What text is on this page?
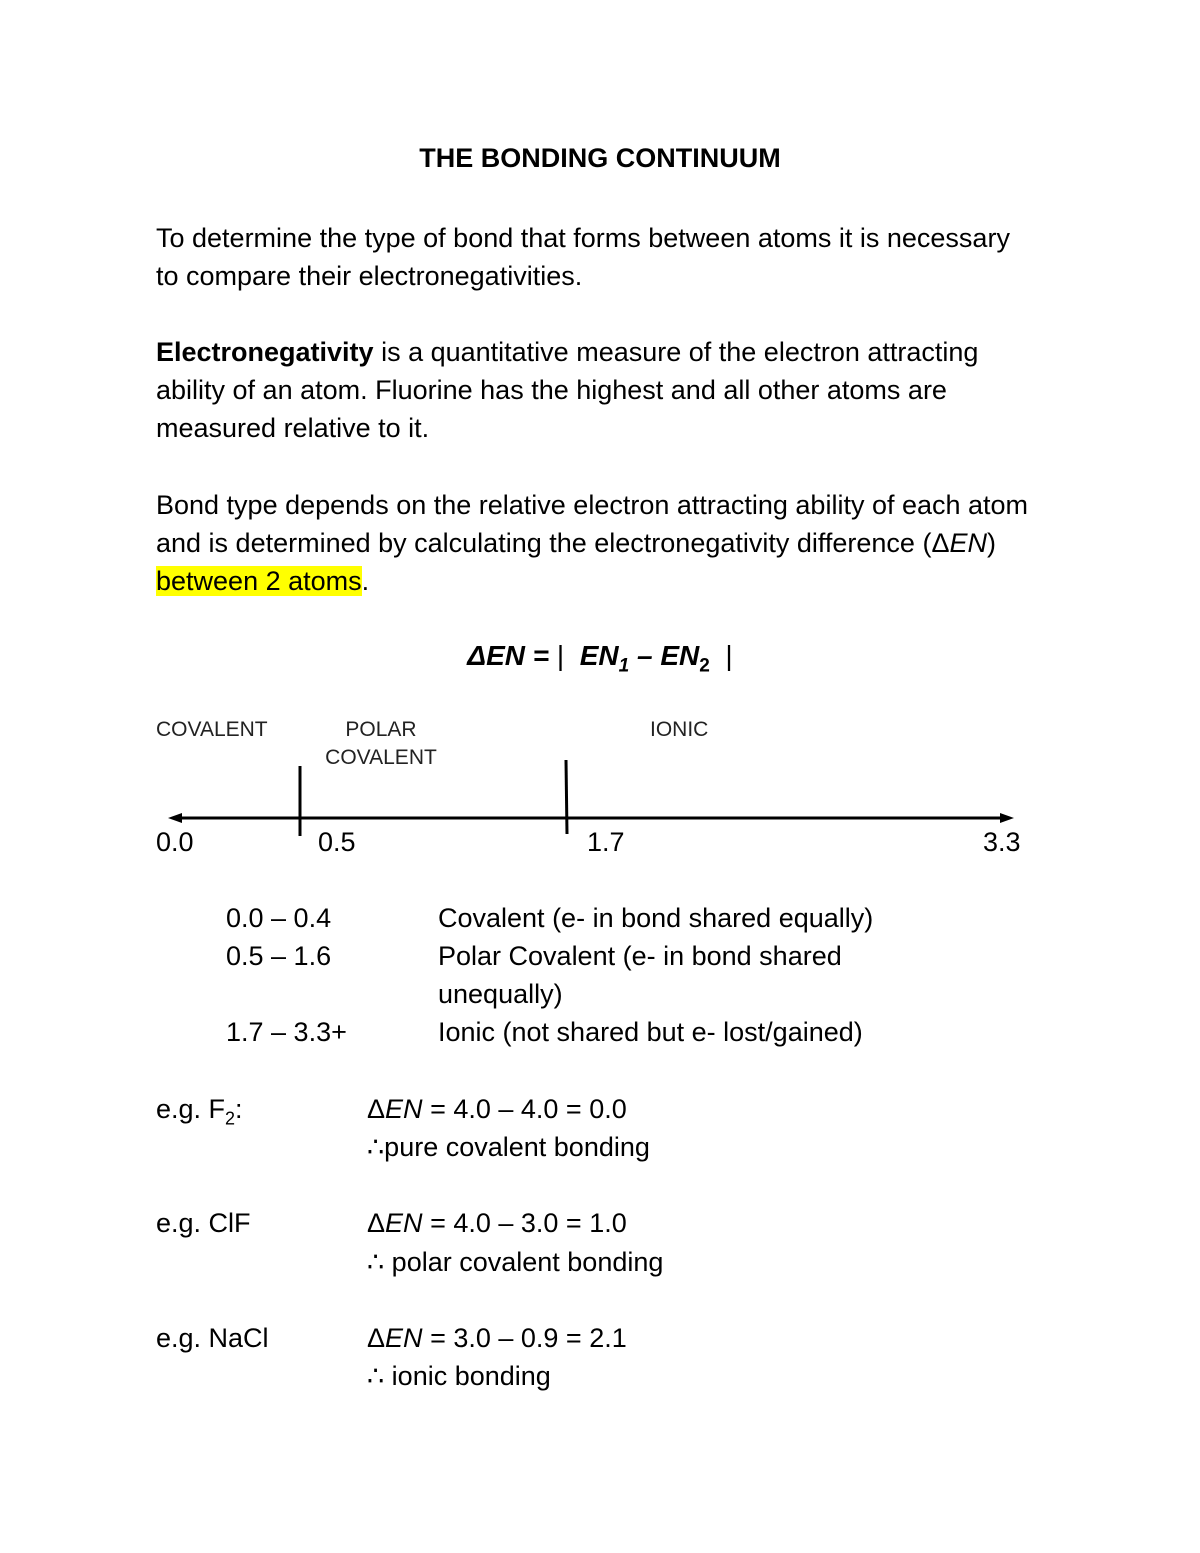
THE BONDING CONTINUUM
To determine the type of bond that forms between atoms it is necessary to compare their electronegativities.
Electronegativity is a quantitative measure of the electron attracting ability of an atom. Fluorine has the highest and all other atoms are measured relative to it.
Bond type depends on the relative electron attracting ability of each atom and is determined by calculating the electronegativity difference (ΔEN) between 2 atoms.
ΔEN = | $EN_1 - EN_2$ |
COVALENT	POLAR
COVALENT
IONIC
0.0	0.5	1.7	3.3
0.0 – 0.4	Covalent (e- in bond shared equally)
0.5 – 1.6	Polar Covalent (e- in bond shared
unequally)
1.7 – 3.3+	Ionic (not shared but e- lost/gained)
e.g. $F_2$:	ΔEN = 4.0 – 4.0 = 0.0
∴pure covalent bonding
e.g. ClF	ΔEN = 4.0 – 3.0 = 1.0
∴ polar covalent bonding
e.g. NaCl	ΔEN = 3.0 – 0.9 = 2.1
∴ ionic bonding
